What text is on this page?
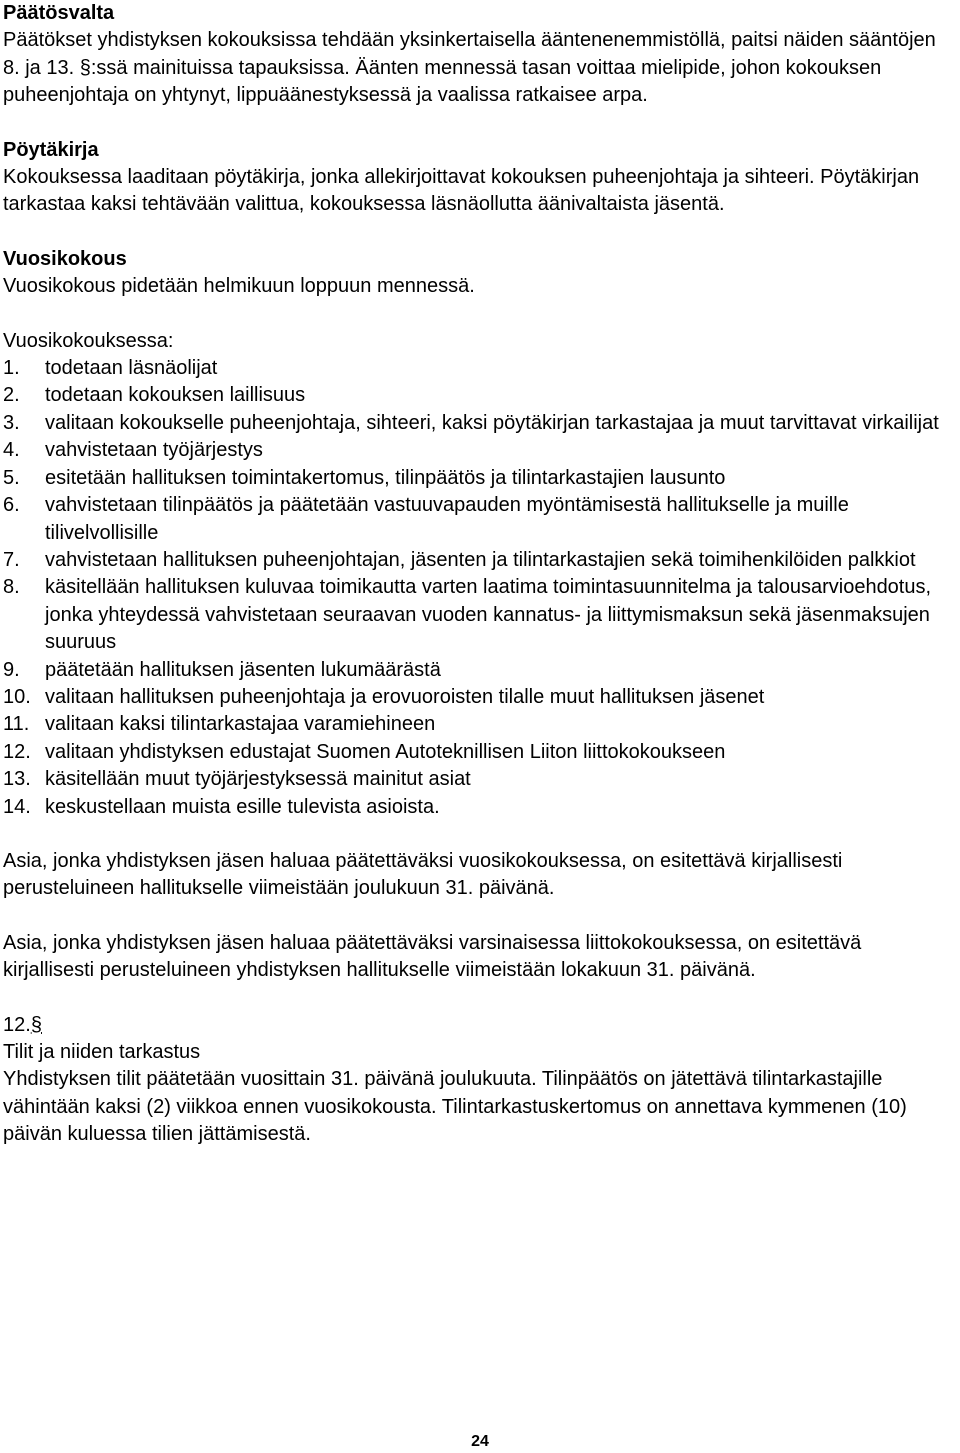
Päätösvalta

Päätökset yhdistyksen kokouksissa tehdään yksinkertaisella ääntenenemmistöllä, paitsi näiden sääntöjen 8. ja 13. §:ssä mainituissa tapauksissa. Äänten mennessä tasan voittaa mielipide, johon kokouksen puheenjohtaja on yhtynyt, lippuäänestyksessä ja vaalissa ratkaisee arpa.

Pöytäkirja

Kokouksessa laaditaan pöytäkirja, jonka allekirjoittavat kokouksen puheenjohtaja ja sihteeri. Pöytäkirjan tarkastaa kaksi tehtävään valittua, kokouksessa läsnäollutta äänivaltaista jäsentä.

Vuosikokous

Vuosikokous pidetään helmikuun loppuun mennessä.

Vuosikokouksessa:

1. todetaan läsnäolijat
2. todetaan kokouksen laillisuus
3. valitaan kokoukselle puheenjohtaja, sihteeri, kaksi pöytäkirjan tarkastajaa ja muut tarvittavat virkailijat
4. vahvistetaan työjärjestys
5. esitetään hallituksen toimintakertomus, tilinpäätös ja tilintarkastajien lausunto
6. vahvistetaan tilinpäätös ja päätetään vastuuvapauden myöntämisestä hallitukselle ja muille tilivelvollisille
7. vahvistetaan hallituksen puheenjohtajan, jäsenten ja tilintarkastajien sekä toimihenkilöiden palkkiot
8. käsitellään hallituksen kuluvaa toimikautta varten laatima toimintasuunnitelma ja talousarvioehdotus, jonka yhteydessä vahvistetaan seuraavan vuoden kannatus- ja liittymismaksun sekä jäsenmaksujen suuruus
9. päätetään hallituksen jäsenten lukumäärästä
10. valitaan hallituksen puheenjohtaja ja erovuoroisten tilalle muut hallituksen jäsenet
11. valitaan kaksi tilintarkastajaa varamiehineen
12. valitaan yhdistyksen edustajat Suomen Autoteknillisen Liiton liittokokoukseen
13. käsitellään muut työjärjestyksessä mainitut asiat
14. keskustellaan muista esille tulevista asioista.

Asia, jonka yhdistyksen jäsen haluaa päätettäväksi vuosikokouksessa, on esitettävä kirjallisesti perusteluineen hallitukselle viimeistään joulukuun 31. päivänä.

Asia, jonka yhdistyksen jäsen haluaa päätettäväksi varsinaisessa liittokokouksessa, on esitettävä kirjallisesti perusteluineen yhdistyksen hallitukselle viimeistään lokakuun 31. päivänä.

12.§

Tilit ja niiden tarkastus

Yhdistyksen tilit päätetään vuosittain 31. päivänä joulukuuta. Tilinpäätös on jätettävä tilintarkastajille vähintään kaksi (2) viikkoa ennen vuosikokousta. Tilintarkastuskertomus on annettava kymmenen (10) päivän kuluessa tilien jättämisestä.

24
